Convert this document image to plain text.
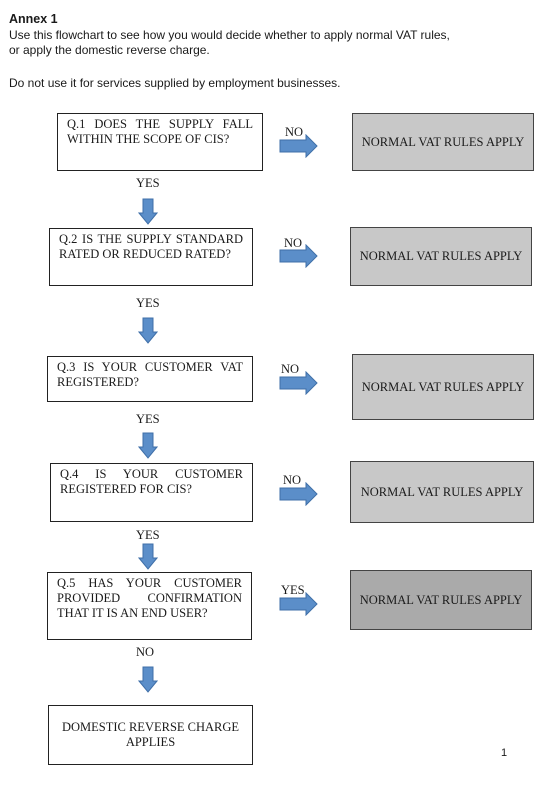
Annex 1
Use this flowchart to see how you would decide whether to apply normal VAT rules,
or apply the domestic reverse charge.
Do not use it for services supplied by employment businesses.
Q.1 DOES THE SUPPLY FALL WITHIN THE SCOPE OF CIS?	NO
NORMAL VAT RULES APPLY
YES
Q.2 IS THE SUPPLY STANDARD RATED OR REDUCED RATED?
NO
NORMAL VAT RULES APPLY
YES
Q.3 IS YOUR CUSTOMER VAT REGISTERED?
NO
NORMAL VAT RULES APPLY
YES
Q.4 IS YOUR CUSTOMER REGISTERED FOR CIS?
NO
NORMAL VAT RULES APPLY
YES
Q.5 HAS YOUR CUSTOMER PROVIDED CONFIRMATION THAT IT IS AN END USER?
YES
NORMAL VAT RULES APPLY
NO
DOMESTIC REVERSE CHARGE APPLIES
1
